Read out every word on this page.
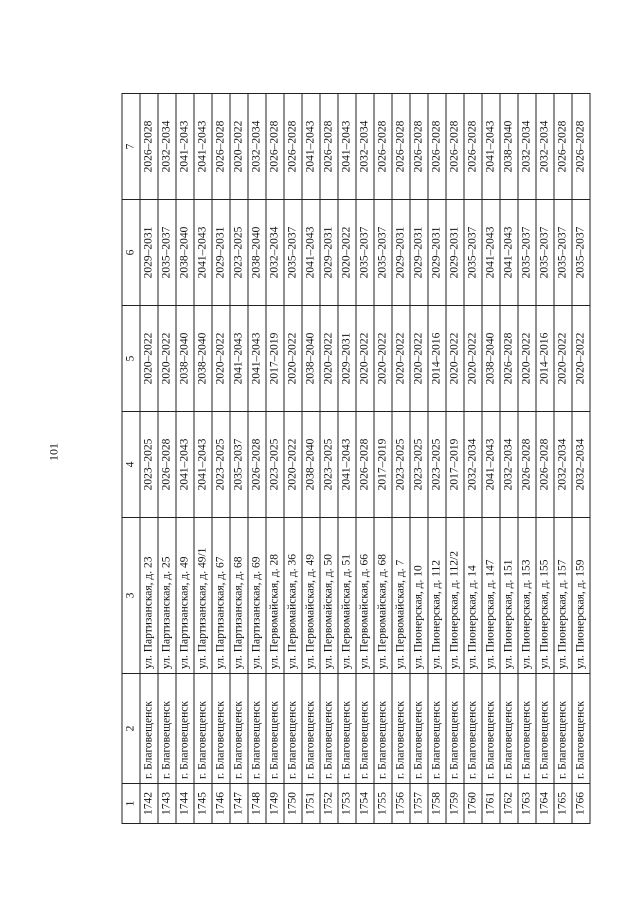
101
1	2	3	4	5	6	7
1742	г. Благовещенск	ул. Партизанская, д. 23	2023–2025	2020–2022	2029–2031	2026–2028
1743	г. Благовещенск	ул. Партизанская, д. 25	2026–2028	2020–2022	2035–2037	2032–2034
1744	г. Благовещенск	ул. Партизанская, д. 49	2041–2043	2038–2040	2038–2040	2041–2043
1745	г. Благовещенск	ул. Партизанская, д. 49/1	2041–2043	2038–2040	2041–2043	2041–2043
1746	г. Благовещенск	ул. Партизанская, д. 67	2023–2025	2020–2022	2029–2031	2026–2028
1747	г. Благовещенск	ул. Партизанская, д. 68	2035–2037	2041–2043	2023–2025	2020–2022
1748	г. Благовещенск	ул. Партизанская, д. 69	2026–2028	2041–2043	2038–2040	2032–2034
1749	г. Благовещенск	ул. Первомайская, д. 28	2023–2025	2017–2019	2032–2034	2026–2028
1750	г. Благовещенск	ул. Первомайская, д. 36	2020–2022	2020–2022	2035–2037	2026–2028
1751	г. Благовещенск	ул. Первомайская, д. 49	2038–2040	2038–2040	2041–2043	2041–2043
1752	г. Благовещенск	ул. Первомайская, д. 50	2023–2025	2020–2022	2029–2031	2026–2028
1753	г. Благовещенск	ул. Первомайская, д. 51	2041–2043	2029–2031	2020–2022	2041–2043
1754	г. Благовещенск	ул. Первомайская, д. 66	2026–2028	2020–2022	2035–2037	2032–2034
1755	г. Благовещенск	ул. Первомайская, д. 68	2017–2019	2020–2022	2035–2037	2026–2028
1756	г. Благовещенск	ул. Первомайская, д. 7	2023–2025	2020–2022	2029–2031	2026–2028
1757	г. Благовещенск	ул. Пионерская, д. 10	2023–2025	2020–2022	2029–2031	2026–2028
1758	г. Благовещенск	ул. Пионерская, д. 112	2023–2025	2014–2016	2029–2031	2026–2028
1759	г. Благовещенск	ул. Пионерская, д. 112/2	2017–2019	2020–2022	2029–2031	2026–2028
1760	г. Благовещенск	ул. Пионерская, д. 14	2032–2034	2020–2022	2035–2037	2026–2028
1761	г. Благовещенск	ул. Пионерская, д. 147	2041–2043	2038–2040	2041–2043	2041–2043
1762	г. Благовещенск	ул. Пионерская, д. 151	2032–2034	2026–2028	2041–2043	2038–2040
1763	г. Благовещенск	ул. Пионерская, д. 153	2026–2028	2020–2022	2035–2037	2032–2034
1764	г. Благовещенск	ул. Пионерская, д. 155	2026–2028	2014–2016	2035–2037	2032–2034
1765	г. Благовещенск	ул. Пионерская, д. 157	2032–2034	2020–2022	2035–2037	2026–2028
1766	г. Благовещенск	ул. Пионерская, д. 159	2032–2034	2020–2022	2035–2037	2026–2028
